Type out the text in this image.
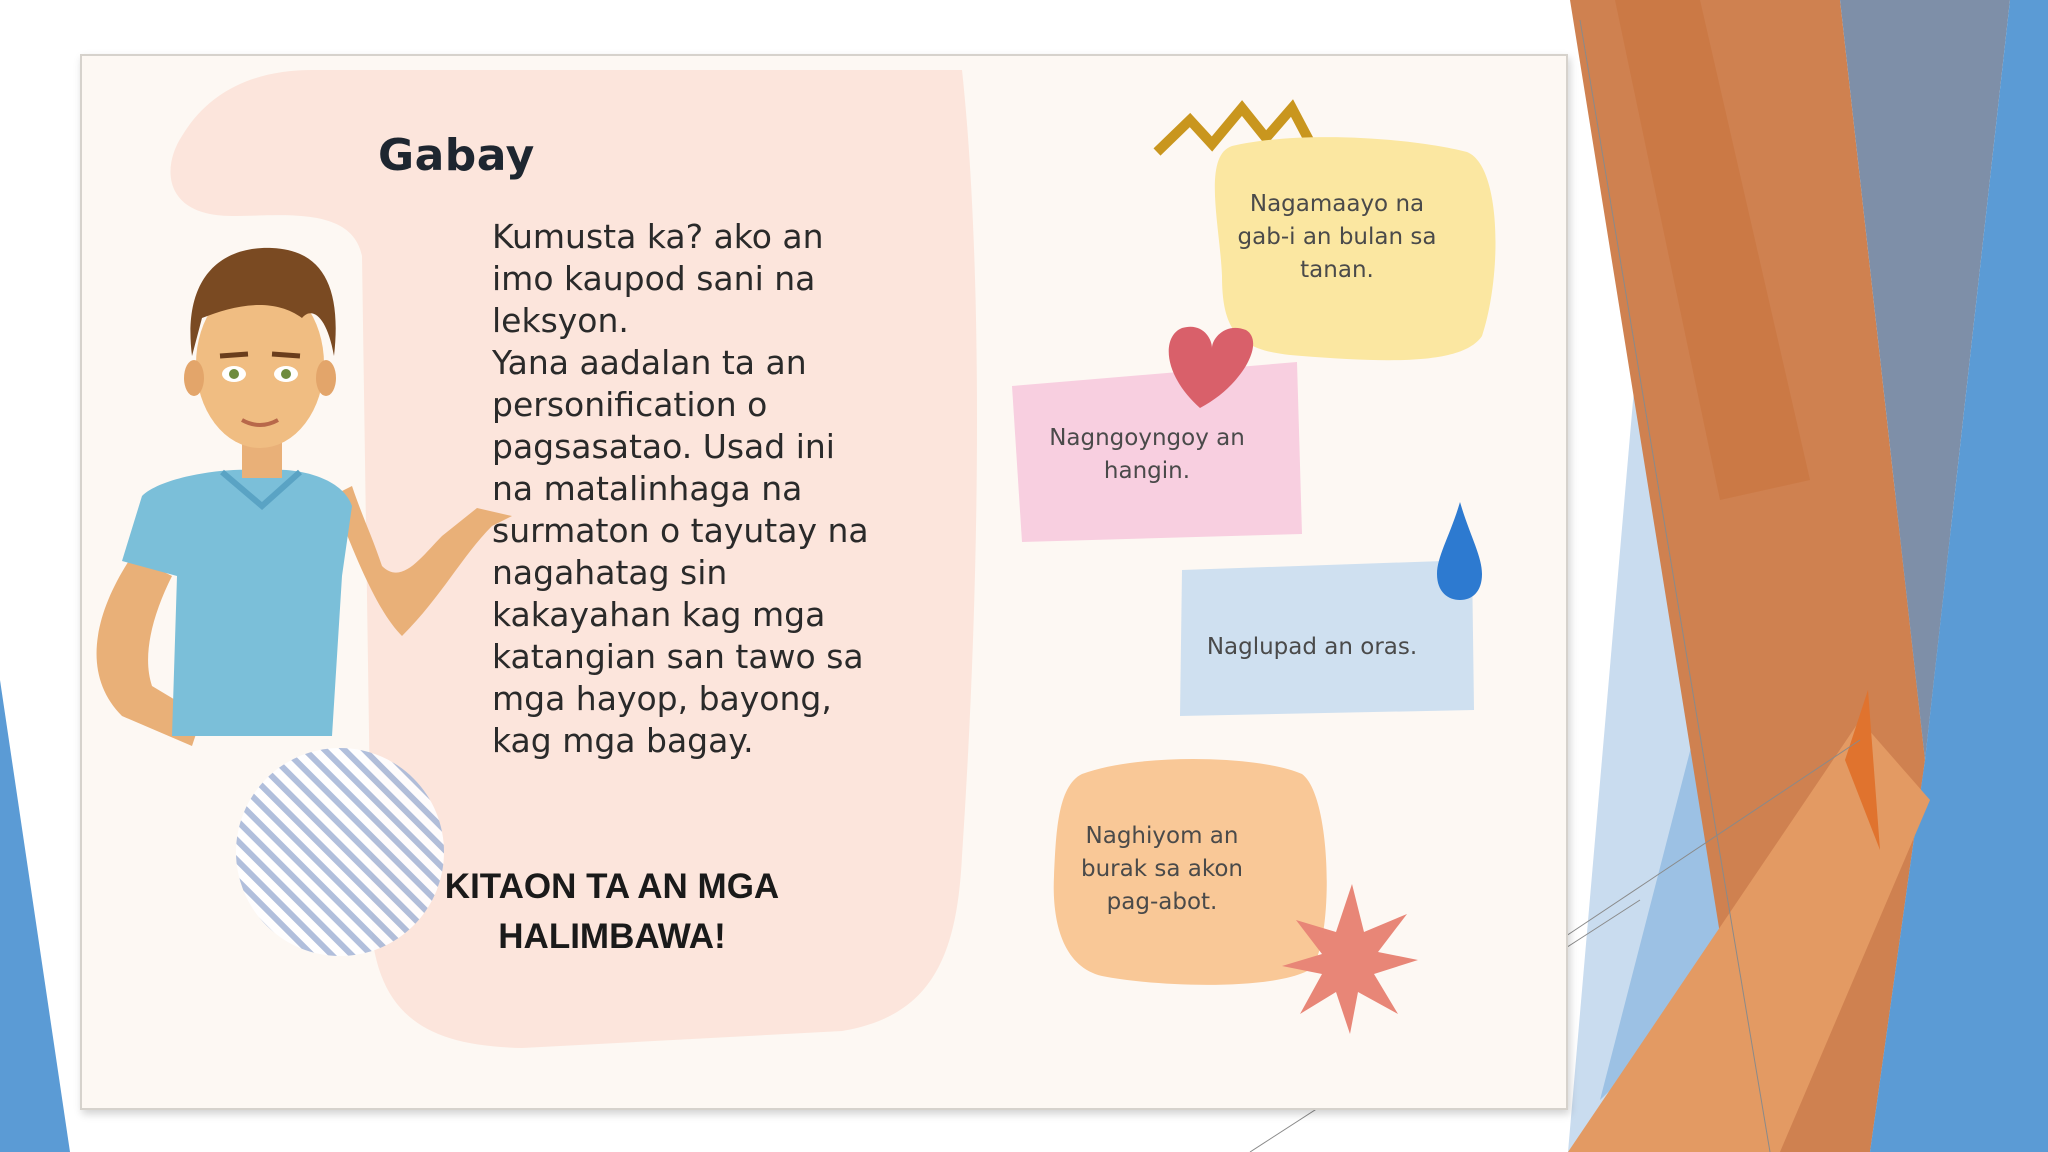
Gabay
Kumusta ka? ako an
imo kaupod sani na
leksyon.
Yana aadalan ta an
personification o
pagsasatao. Usad ini
na matalinhaga na
surmaton o tayutay na
nagahatag sin
kakayahan kag mga
katangian san tawo sa
mga hayop, bayong,
kag mga bagay.
KITAON TA AN MGA
HALIMBAWA!
Nagamaayo na
gab-i an bulan sa
tanan.
Nagngoyngoy an
hangin.
Naglupad an oras.
Naghiyom an
burak sa akon
pag-abot.
